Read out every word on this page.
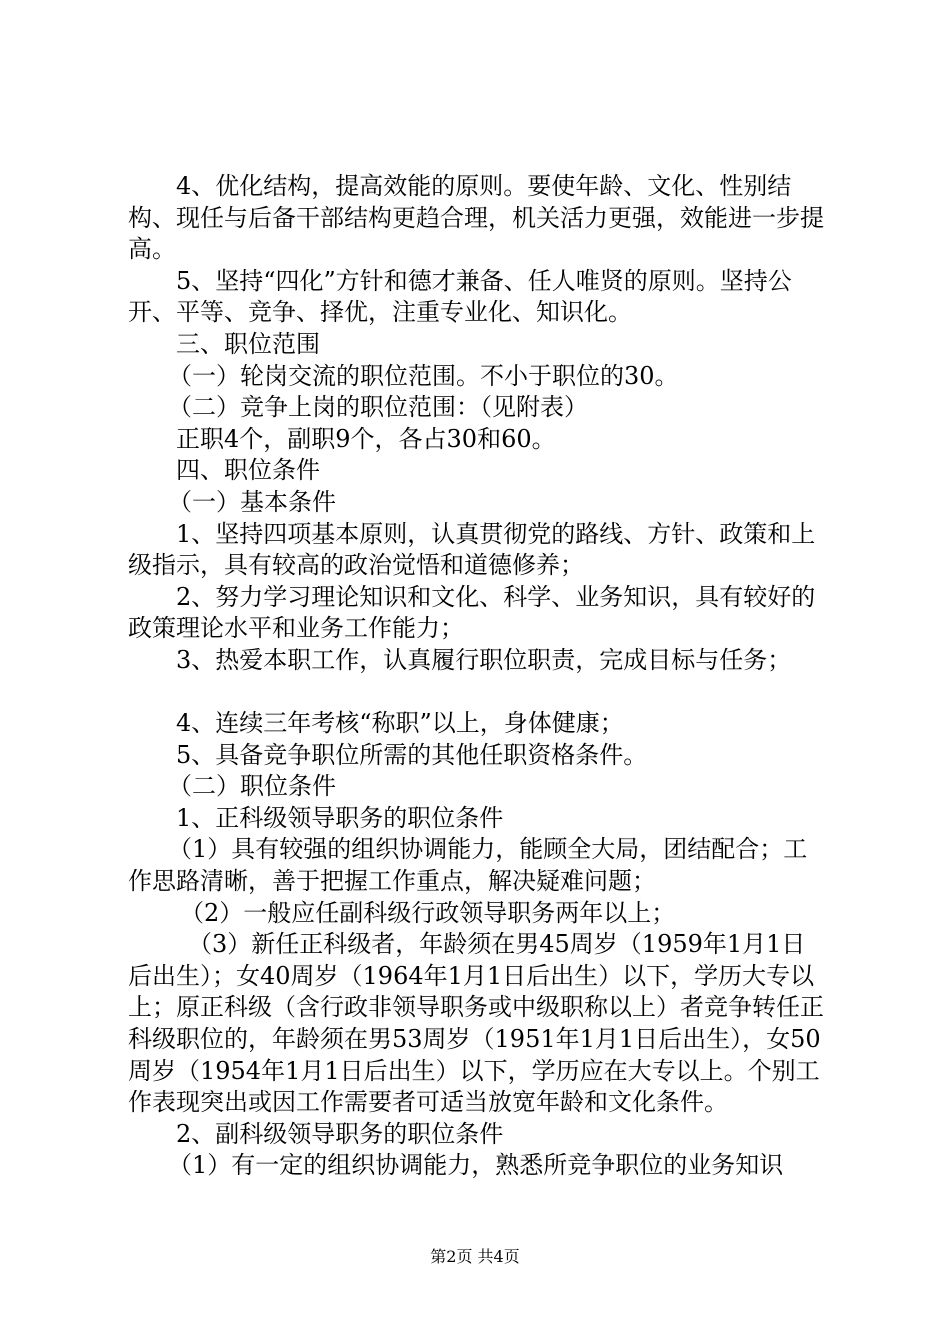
4、优化结构，提高效能的原则。要使年龄、文化、性别结构、现任与后备干部结构更趋合理，机关活力更强，效能进一步提高。

5、坚持“四化”方针和德才兼备、任人唯贤的原则。坚持公开、平等、竞争、择优，注重专业化、知识化。

三、职位范围

（一）轮岗交流的职位范围。不小于职位的30。

（二）竞争上岗的职位范围：（见附表）

正职4个，副职9个，各占30和60。

四、职位条件

（一）基本条件

1、坚持四项基本原则，认真贯彻党的路线、方针、政策和上级指示，具有较高的政治觉悟和道德修养；

2、努力学习理论知识和文化、科学、业务知识，具有较好的政策理论水平和业务工作能力；

3、热爱本职工作，认真履行职位职责，完成目标与任务；

4、连续三年考核“称职”以上，身体健康；

5、具备竞争职位所需的其他任职资格条件。

（二）职位条件

1、正科级领导职务的职位条件

（1）具有较强的组织协调能力，能顾全大局，团结配合；工作思路清晰，善于把握工作重点，解决疑难问题；

（2）一般应任副科级行政领导职务两年以上；

（3）新任正科级者，年龄须在男45周岁（1959年1月1日后出生）；女40周岁（1964年1月1日后出生）以下，学历大专以上；原正科级（含行政非领导职务或中级职称以上）者竞争转任正科级职位的，年龄须在男53周岁（1951年1月1日后出生），女50周岁（1954年1月1日后出生）以下，学历应在大专以上。个别工作表现突出或因工作需要者可适当放宽年龄和文化条件。

2、副科级领导职务的职位条件

（1）有一定的组织协调能力，熟悉所竞争职位的业务知识

第2页 共4页
